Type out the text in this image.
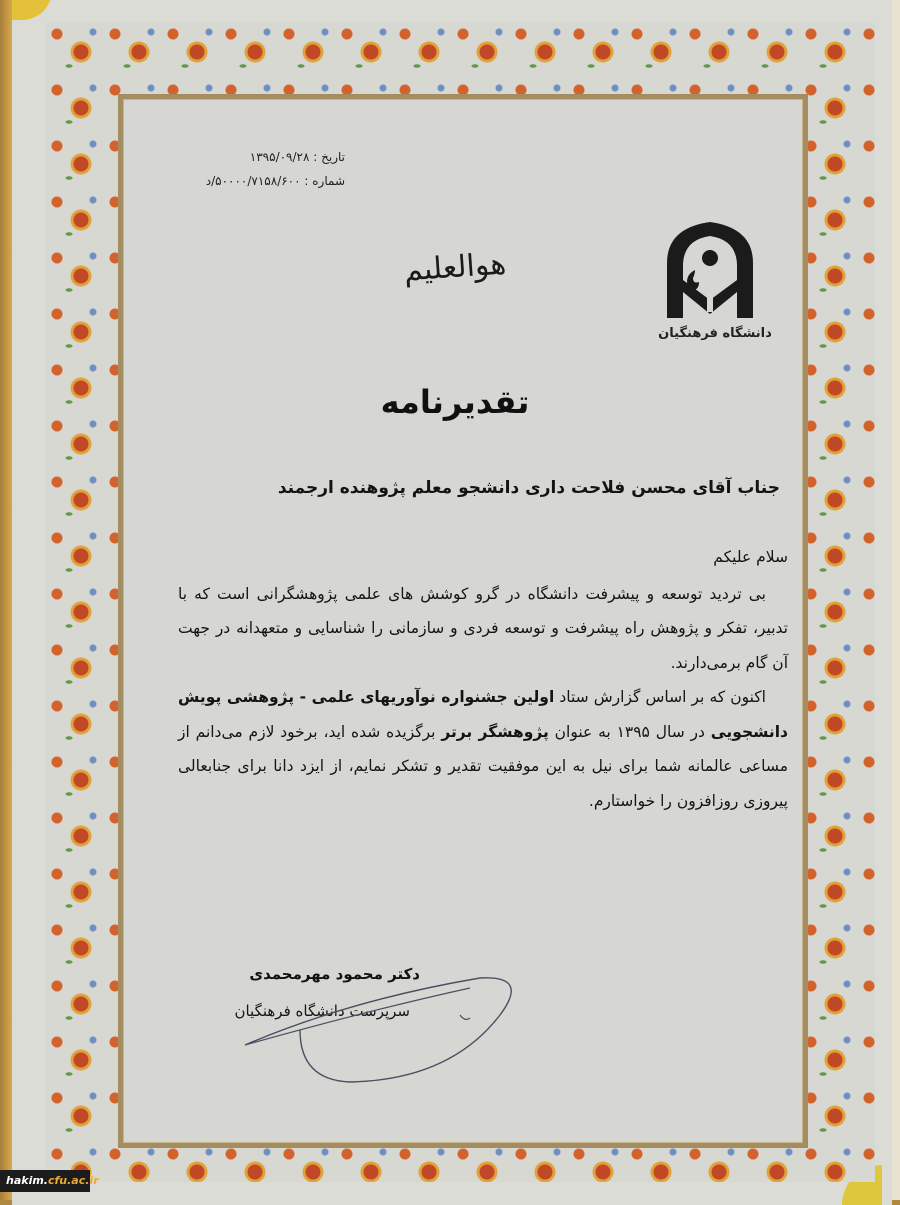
تاریخ : ۱۳۹۵/۰۹/۲۸
شماره : ۵۰۰۰۰/۷۱۵۸/۶۰۰/د
هوالعلیم
دانشگاه فرهنگیان
تقدیرنامه
جناب آقای محسن فلاحت داری دانشجو معلم پژوهنده ارجمند

سلام علیکم

بی تردید توسعه و پیشرفت دانشگاه در گرو کوشش های علمی پژوهشگرانی است که با تدبیر، تفکر و پژوهش راه پیشرفت و توسعه فردی و سازمانی را شناسایی و متعهدانه در جهت آن گام برمی‌دارند.

اکنون که بر اساس گزارش ستاد اولین جشنواره نوآوریهای علمی - پژوهشی پویش دانشجویی در سال ۱۳۹۵ به عنوان پژوهشگر برتر برگزیده شده اید، برخود لازم می‌دانم از مساعی عالمانه شما برای نیل به این موفقیت تقدیر و تشکر نمایم، از ایزد دانا برای جنابعالی پیروزی روزافزون را خواستارم.

دکتر محمود مهرمحمدی
سرپرست دانشگاه فرهنگیان
hakim.cfu.ac.ir
